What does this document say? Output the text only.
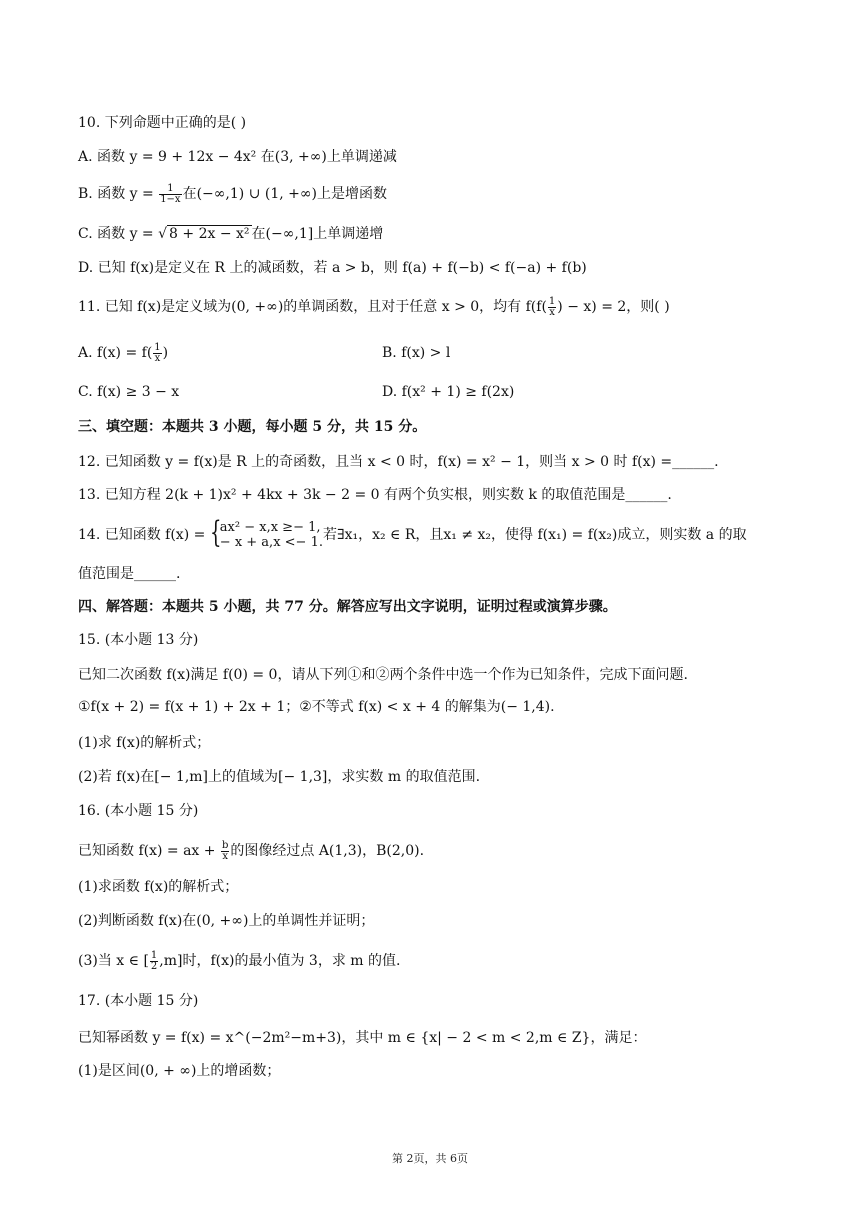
10. 下列命题中正确的是( )
A. 函数 y = 9 + 12x − 4x² 在(3, +∞)上单调递减
B. 函数 $y = \frac{1}{1-x}$ 在(−∞,1) ∪ (1, +∞)上是增函数
C. 函数 y = √ 8 + 2x − x² 在(−∞,1]上单调递增
D. 已知 f(x)是定义在 R 上的减函数，若 a > b，则 f(a) + f(−b) < f(−a) + f(b)
11. 已知 f(x)是定义域为(0, +∞)的单调函数，且对于任意 x > 0，均有 $f(f( \frac{1}{x}$ ) − x) = 2，则( )
A. $f(x) = f( \frac{1}{x}$ )	B. f(x) > l
C. f(x) ≥ 3 − x	D. f(x² + 1) ≥ f(2x)
三、填空题：本题共 3 小题，每小题 5 分，共 15 分。
12. 已知函数 y = f(x)是 R 上的奇函数，且当 x < 0 时，f(x) = x² − 1，则当 x > 0 时 f(x) =______.
13. 已知方程 2(k + 1)x² + 4kx + 3k − 2 = 0 有两个负实根，则实数 k 的取值范围是______.
14. 已知函数 f(x) = {
ax² − x,x ≥− 1,
− x + a,x <− 1. 若∃x₁，x₂ ∈ R，且x₁ ≠ x₂，使得 f(x₁) = f(x₂)成立，则实数 a 的取
值范围是______.
四、解答题：本题共 5 小题，共 77 分。解答应写出文字说明，证明过程或演算步骤。
15. (本小题 13 分)
已知二次函数 f(x)满足 f(0) = 0，请从下列①和②两个条件中选一个作为已知条件，完成下面问题.
①f(x + 2) = f(x + 1) + 2x + 1；②不等式 f(x) < x + 4 的解集为(− 1,4).
(1)求 f(x)的解析式；
(2)若 f(x)在[− 1,m]上的值域为[− 1,3]，求实数 m 的取值范围.
16. (本小题 15 分)
已知函数 f(x) = ax + $\frac{b}{x}$ 的图像经过点 A(1,3)，B(2,0).
(1)求函数 f(x)的解析式；
(2)判断函数 f(x)在(0, +∞)上的单调性并证明；
(3)当 x ∈ [ $\frac{1}{2} ,m$]时，f(x)的最小值为 3，求 m 的值.
17. (本小题 15 分)
已知幂函数 y = f(x) = x^(−2m²−m+3)，其中 m ∈ {x| − 2 < m < 2,m ∈ Z}，满足：
(1)是区间(0, + ∞)上的增函数；
第 2页，共 6页
